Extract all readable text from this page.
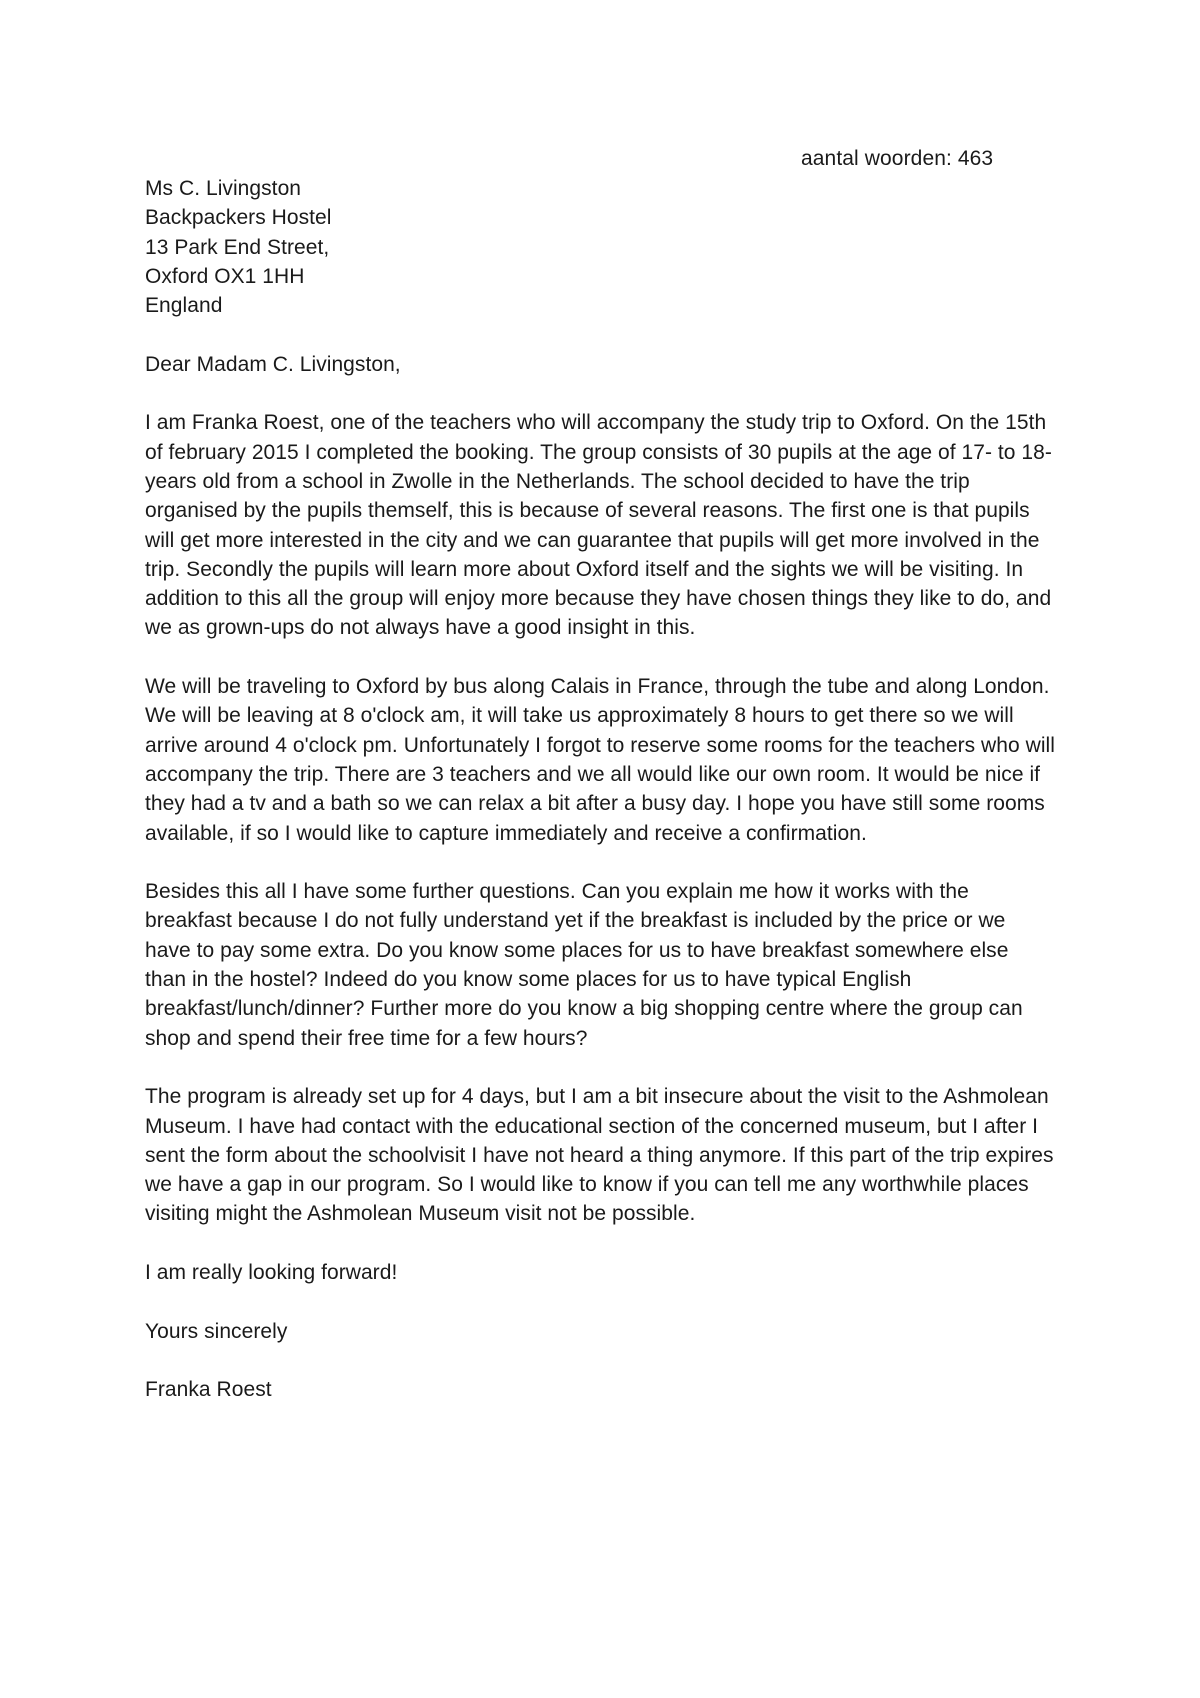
aantal woorden: 463
Ms C. Livingston
Backpackers Hostel
13 Park End Street,
Oxford OX1 1HH
England

Dear Madam C. Livingston,

I am Franka Roest, one of the teachers who will accompany the study trip to Oxford. On the 15th of february 2015 I completed the booking. The group consists of 30 pupils at the age of 17- to 18-years old from a school in Zwolle in the Netherlands. The school decided to have the trip organised by the pupils themself, this is because of several reasons. The first one is that pupils will get more interested in the city and we can guarantee that pupils will get more involved in the trip. Secondly the pupils will learn more about Oxford itself and the sights we will be visiting. In addition to this all the group will enjoy more because they have chosen things they like to do, and we as grown-ups do not always have a good insight in this.

We will be traveling to Oxford by bus along Calais in France, through the tube and along London. We will be leaving at 8 o'clock am, it will take us approximately 8 hours to get there so we will arrive around 4 o'clock pm. Unfortunately I forgot to reserve some rooms for the teachers who will accompany the trip. There are 3 teachers and we all would like our own room. It would be nice if they had a tv and a bath so we can relax a bit after a busy day. I hope you have still some rooms available, if so I would like to capture immediately and receive a confirmation.

Besides this all I have some further questions. Can you explain me how it works with the breakfast because I do not fully understand yet if the breakfast is included by the price or we have to pay some extra. Do you know some places for us to have breakfast somewhere else than in the hostel? Indeed do you know some places for us to have typical English breakfast/lunch/dinner? Further more do you know a big shopping centre where the group can shop and spend their free time for a few hours?

The program is already set up for 4 days, but I am a bit insecure about the visit to the Ashmolean Museum. I have had contact with the educational section of the concerned museum, but I after I sent the form about the schoolvisit I have not heard a thing anymore. If this part of the trip expires we have a gap in our program. So I would like to know if you can tell me any worthwhile places visiting might the Ashmolean Museum visit not be possible.

I am really looking forward!

Yours sincerely

Franka Roest
